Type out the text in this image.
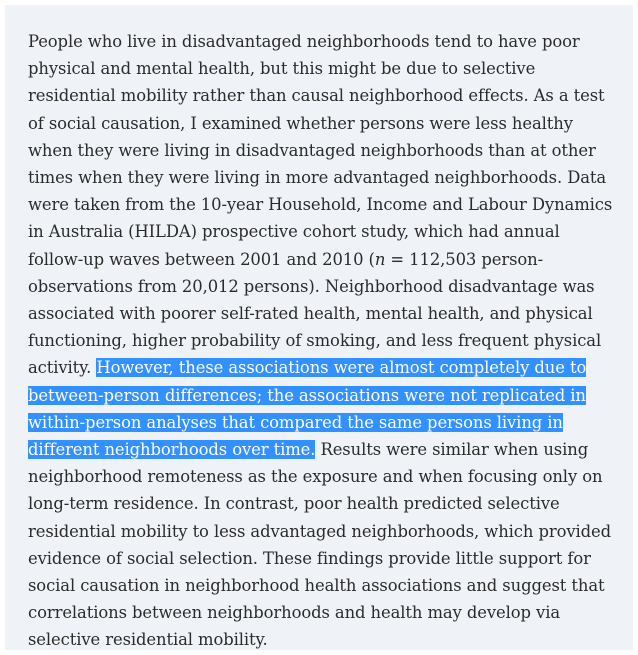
People who live in disadvantaged neighborhoods tend to have poor physical and mental health, but this might be due to selective residential mobility rather than causal neighborhood effects. As a test of social causation, I examined whether persons were less healthy when they were living in disadvantaged neighborhoods than at other times when they were living in more advantaged neighborhoods. Data were taken from the 10-year Household, Income and Labour Dynamics in Australia (HILDA) prospective cohort study, which had annual follow-up waves between 2001 and 2010 (n = 112,503 person-observations from 20,012 persons). Neighborhood disadvantage was associated with poorer self-rated health, mental health, and physical functioning, higher probability of smoking, and less frequent physical activity. However, these associations were almost completely due to between-person differences; the associations were not replicated in within-person analyses that compared the same persons living in different neighborhoods over time. Results were similar when using neighborhood remoteness as the exposure and when focusing only on long-term residence. In contrast, poor health predicted selective residential mobility to less advantaged neighborhoods, which provided evidence of social selection. These findings provide little support for social causation in neighborhood health associations and suggest that correlations between neighborhoods and health may develop via selective residential mobility.
